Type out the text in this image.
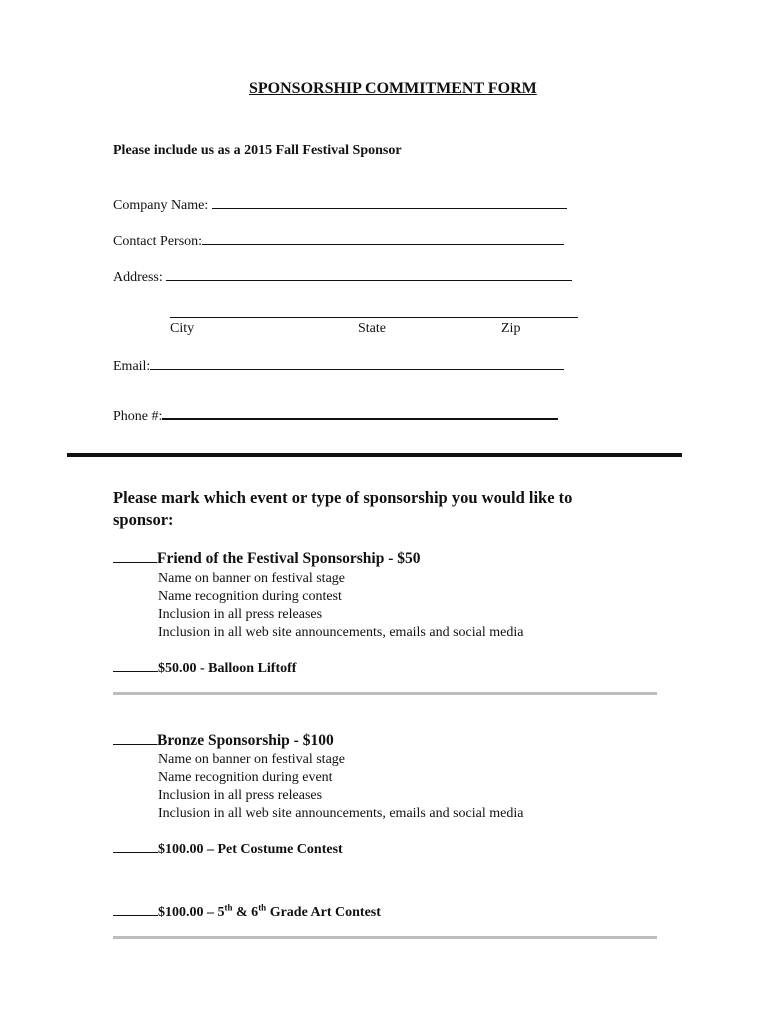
SPONSORSHIP COMMITMENT FORM
Please include us as a 2015 Fall Festival Sponsor
Company Name:
Contact Person:
Address:
City	State	Zip
Email:
Phone #:
Please mark which event or type of sponsorship you would like to sponsor:
Friend of the Festival Sponsorship - $50
Name on banner on festival stage
Name recognition during contest
Inclusion in all press releases
Inclusion in all web site announcements, emails and social media
$50.00 - Balloon Liftoff
Bronze Sponsorship - $100
Name on banner on festival stage
Name recognition during event
Inclusion in all press releases
Inclusion in all web site announcements, emails and social media
$100.00 – Pet Costume Contest
$100.00 – 5th & 6th Grade Art Contest
